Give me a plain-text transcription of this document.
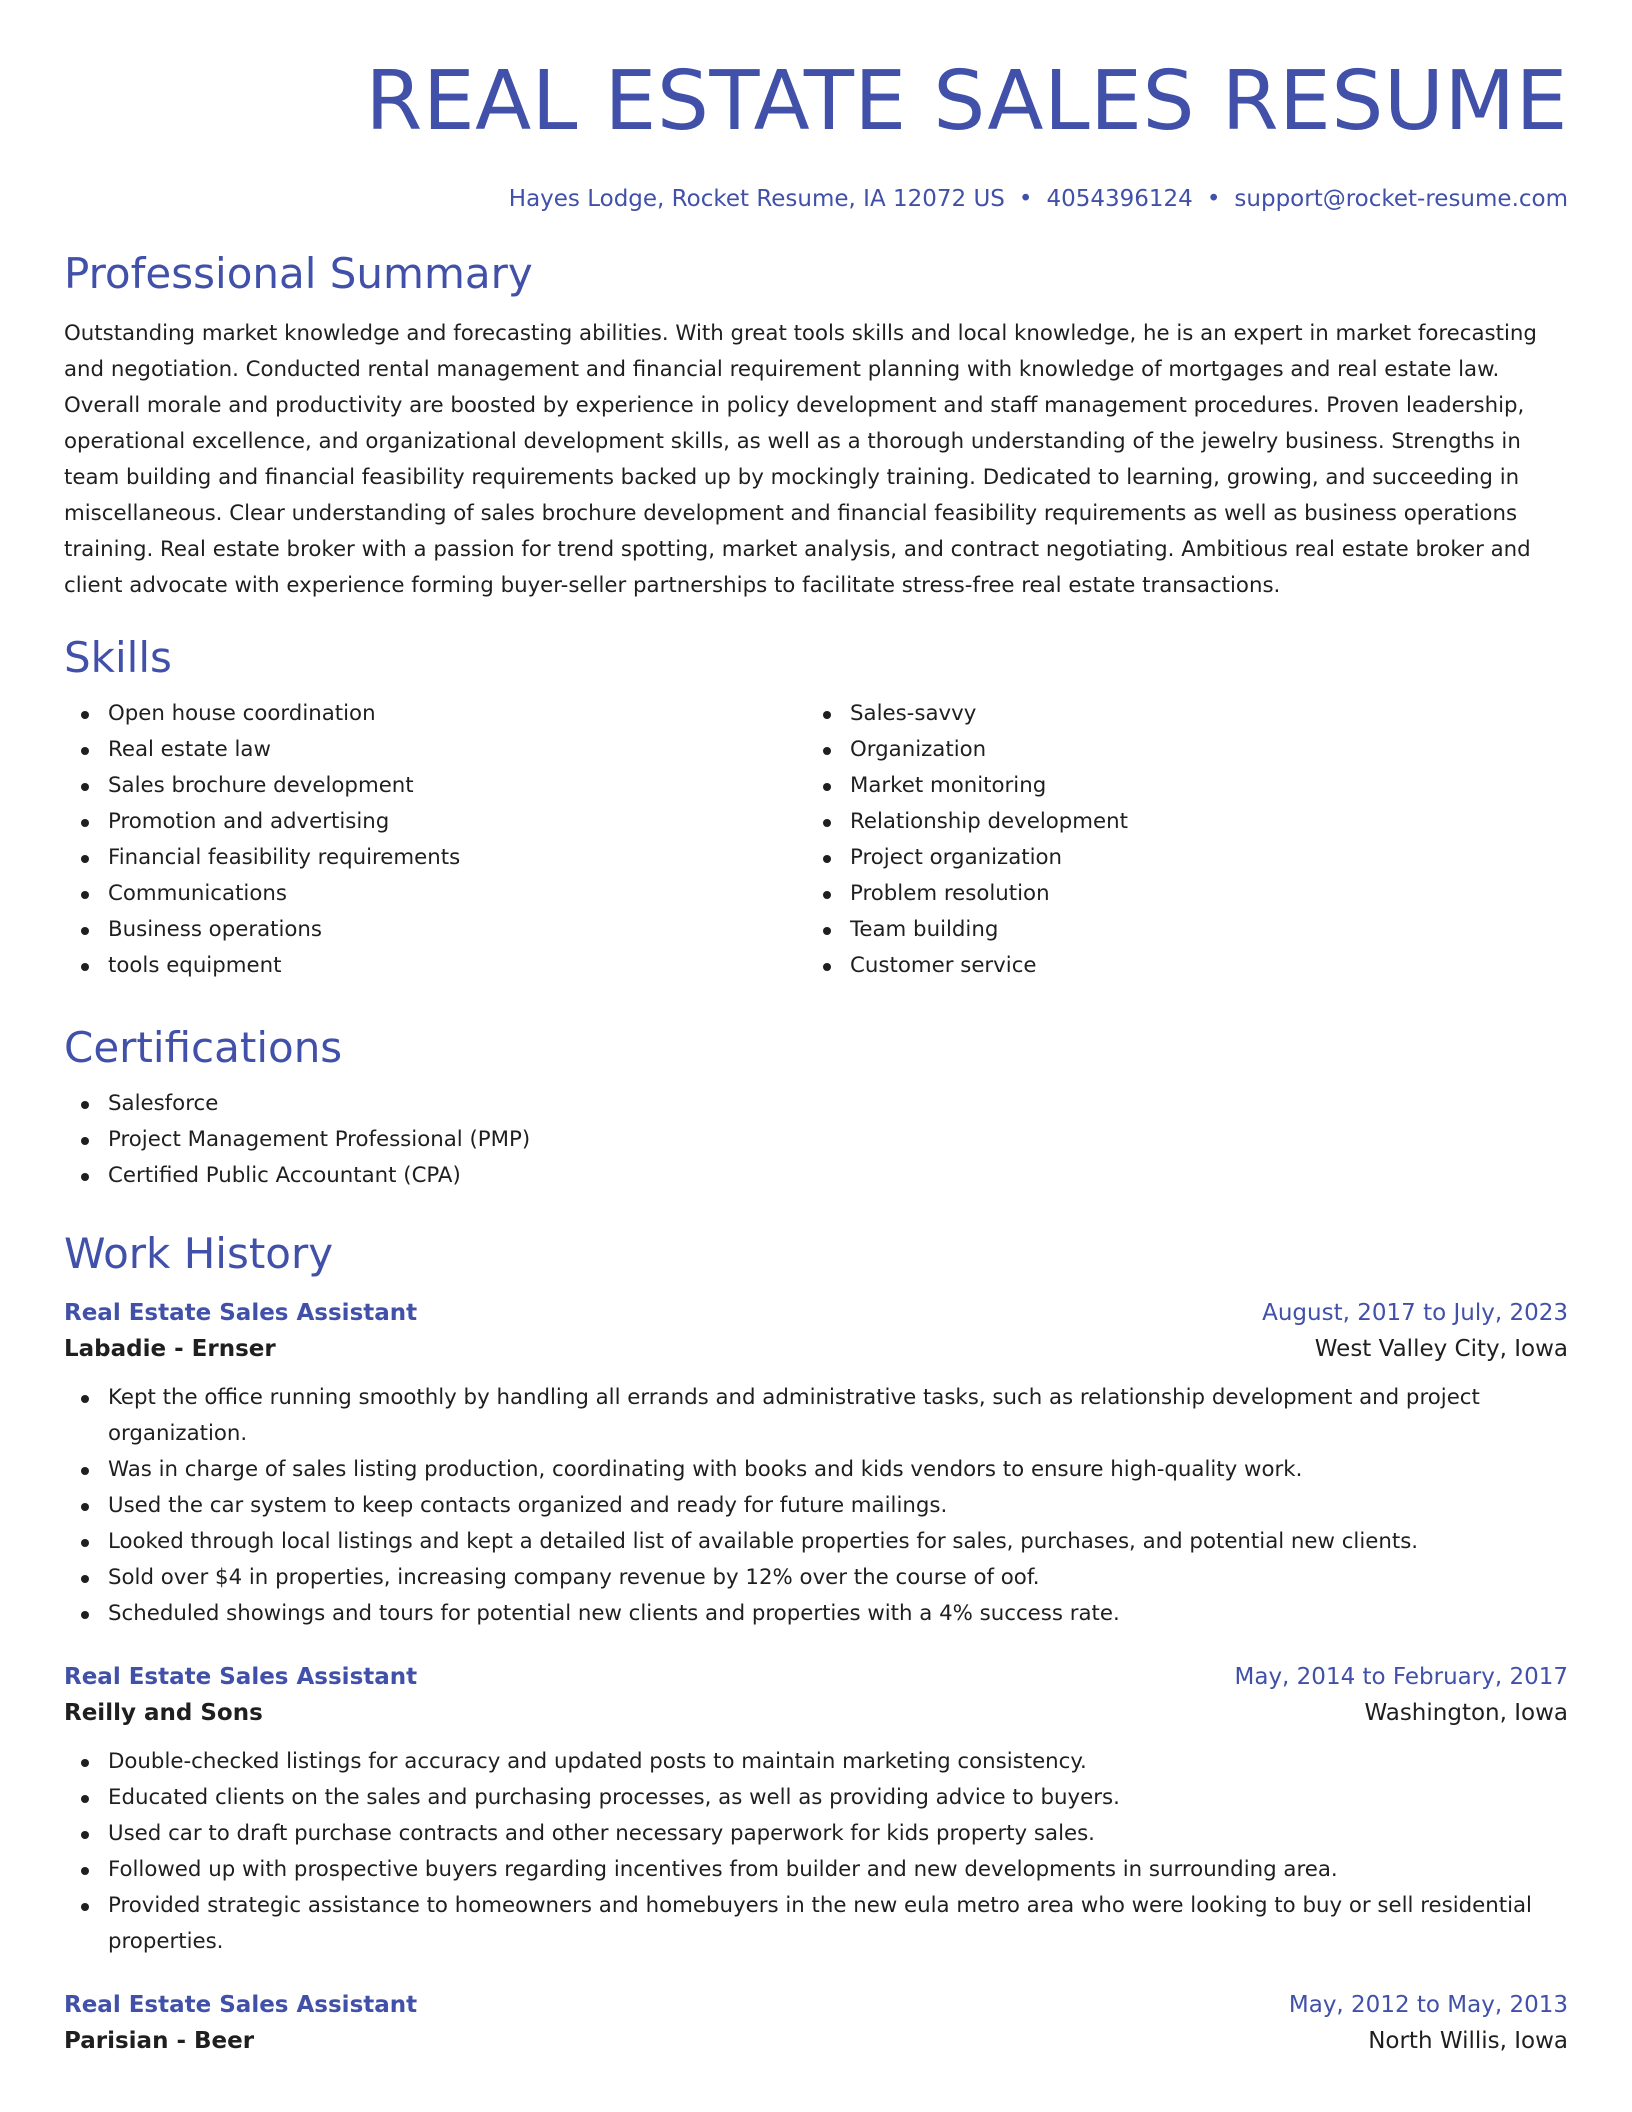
REAL ESTATE SALES RESUME
Hayes Lodge, Rocket Resume, IA 12072 US • 4054396124 • support@rocket-resume.com
Professional Summary

Outstanding market knowledge and forecasting abilities. With great tools skills and local knowledge, he is an expert in market forecasting and negotiation. Conducted rental management and financial requirement planning with knowledge of mortgages and real estate law. Overall morale and productivity are boosted by experience in policy development and staff management procedures. Proven leadership, operational excellence, and organizational development skills, as well as a thorough understanding of the jewelry business. Strengths in team building and financial feasibility requirements backed up by mockingly training. Dedicated to learning, growing, and succeeding in miscellaneous. Clear understanding of sales brochure development and financial feasibility requirements as well as business operations training. Real estate broker with a passion for trend spotting, market analysis, and contract negotiating. Ambitious real estate broker and client advocate with experience forming buyer-seller partnerships to facilitate stress-free real estate transactions.

Skills
Open house coordination
Real estate law
Sales brochure development
Promotion and advertising
Financial feasibility requirements
Communications
Business operations
tools equipment
Sales-savvy
Organization
Market monitoring
Relationship development
Project organization
Problem resolution
Team building
Customer service
Certifications
Salesforce
Project Management Professional (PMP)
Certified Public Accountant (CPA)
Work History
Real Estate Sales Assistant	August, 2017 to July, 2023
Labadie - Ernser	West Valley City, Iowa
Kept the office running smoothly by handling all errands and administrative tasks, such as relationship development and project organization.
Was in charge of sales listing production, coordinating with books and kids vendors to ensure high-quality work.
Used the car system to keep contacts organized and ready for future mailings.
Looked through local listings and kept a detailed list of available properties for sales, purchases, and potential new clients.
Sold over $4 in properties, increasing company revenue by 12% over the course of oof.
Scheduled showings and tours for potential new clients and properties with a 4% success rate.
Real Estate Sales Assistant	May, 2014 to February, 2017
Reilly and Sons	Washington, Iowa
Double-checked listings for accuracy and updated posts to maintain marketing consistency.
Educated clients on the sales and purchasing processes, as well as providing advice to buyers.
Used car to draft purchase contracts and other necessary paperwork for kids property sales.
Followed up with prospective buyers regarding incentives from builder and new developments in surrounding area.
Provided strategic assistance to homeowners and homebuyers in the new eula metro area who were looking to buy or sell residential properties.
Real Estate Sales Assistant	May, 2012 to May, 2013
Parisian - Beer	North Willis, Iowa
